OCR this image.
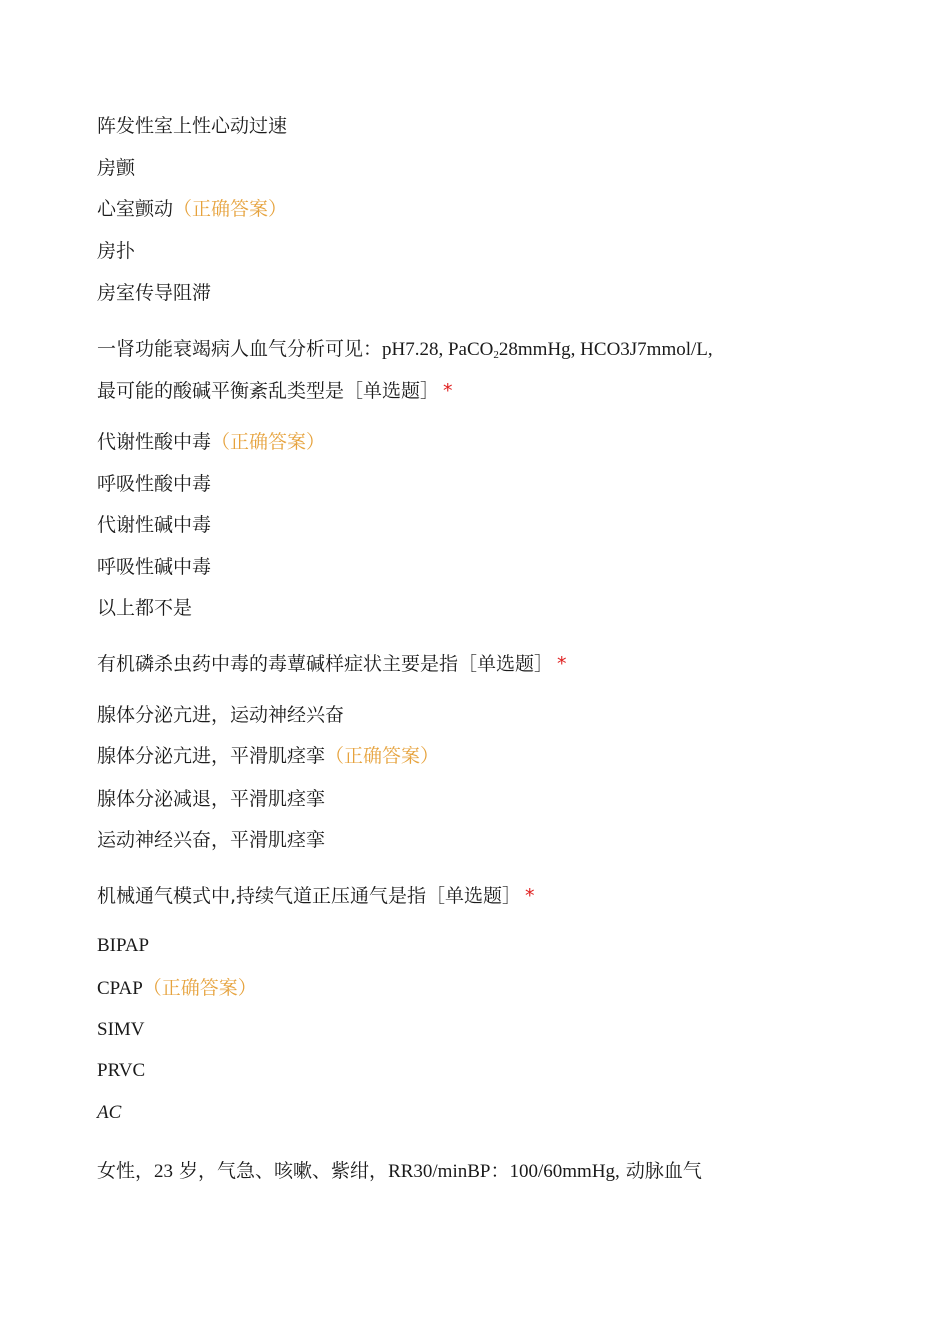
阵发性室上性心动过速
房颤
心室颤动（正确答案）
房扑
房室传导阻滞
一肾功能衰竭病人血气分析可见：pH7.28, PaCO$_2$28mmHg, HCO3J7mmol/L,
最可能的酸碱平衡紊乱类型是［单选题］ *
代谢性酸中毒（正确答案）
呼吸性酸中毒
代谢性碱中毒
呼吸性碱中毒
以上都不是
有机磷杀虫药中毒的毒蕈碱样症状主要是指［单选题］ *
腺体分泌亢进，运动神经兴奋
腺体分泌亢进，平滑肌痉挛（正确答案）
腺体分泌减退，平滑肌痉挛
运动神经兴奋，平滑肌痉挛
机械通气模式中,持续气道正压通气是指［单选题］ *
BIPAP
CPAP（正确答案）
SIMV
PRVC
AC
女性，23 岁，气急、咳嗽、紫绀，RR30/minBP：100/60mmHg, 动脉血气
